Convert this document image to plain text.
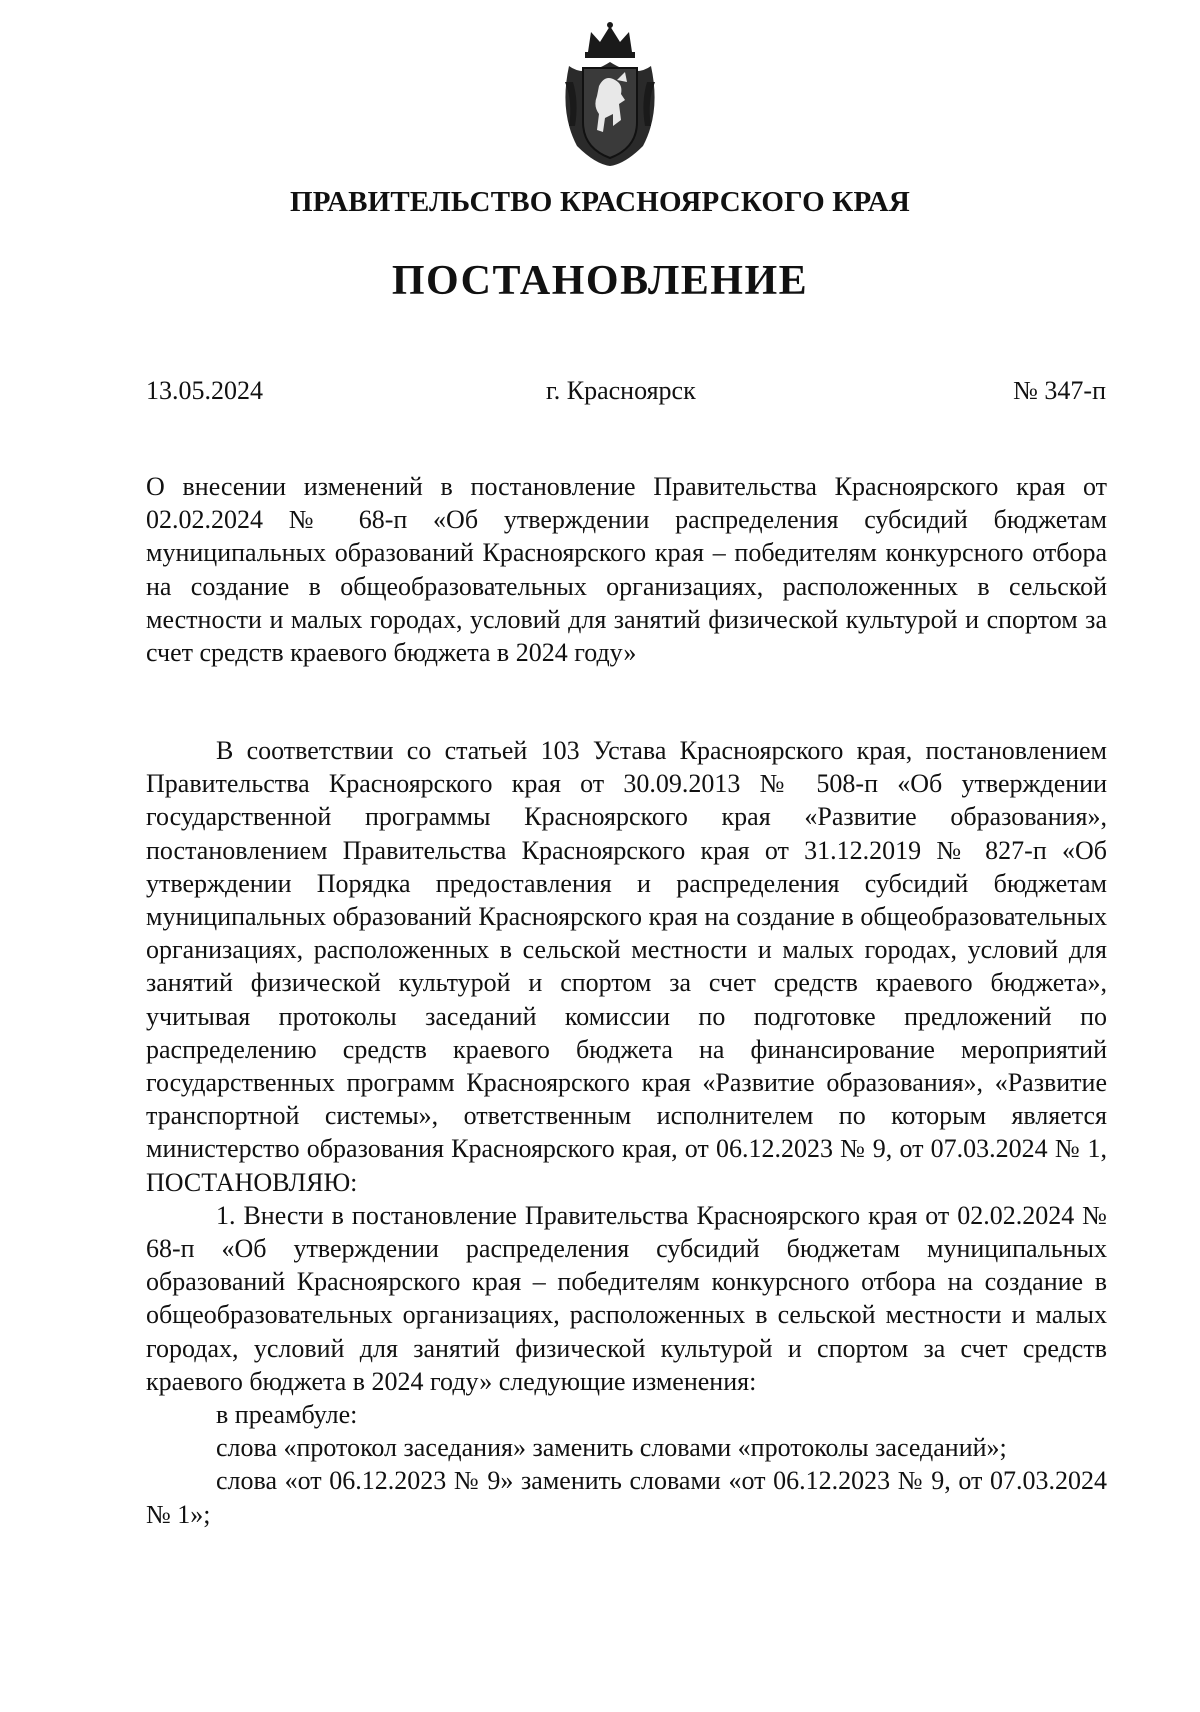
ПРАВИТЕЛЬСТВО КРАСНОЯРСКОГО КРАЯ

ПОСТАНОВЛЕНИЕ

13.05.2024	г. Красноярск	№ 347-п

О внесении изменений в постановление Правительства Красноярского края от 02.02.2024 № 68-п «Об утверждении распределения субсидий бюджетам муниципальных образований Красноярского края – победителям конкурсного отбора на создание в общеобразовательных организациях, расположенных в сельской местности и малых городах, условий для занятий физической культурой и спортом за счет средств краевого бюджета в 2024 году»

В соответствии со статьей 103 Устава Красноярского края, постановлением Правительства Красноярского края от 30.09.2013 № 508-п «Об утверждении государственной программы Красноярского края «Развитие образования», постановлением Правительства Красноярского края от 31.12.2019 № 827-п «Об утверждении Порядка предоставления и распределения субсидий бюджетам муниципальных образований Красноярского края на создание в общеобразовательных организациях, расположенных в сельской местности и малых городах, условий для занятий физической культурой и спортом за счет средств краевого бюджета», учитывая протоколы заседаний комиссии по подготовке предложений по распределению средств краевого бюджета на финансирование мероприятий государственных программ Красноярского края «Развитие образования», «Развитие транспортной системы», ответственным исполнителем по которым является министерство образования Красноярского края, от 06.12.2023 № 9, от 07.03.2024 № 1, ПОСТАНОВЛЯЮ:

1. Внести в постановление Правительства Красноярского края от 02.02.2024 № 68-п «Об утверждении распределения субсидий бюджетам муниципальных образований Красноярского края – победителям конкурсного отбора на создание в общеобразовательных организациях, расположенных в сельской местности и малых городах, условий для занятий физической культурой и спортом за счет средств краевого бюджета в 2024 году» следующие изменения:

в преамбуле:

слова «протокол заседания» заменить словами «протоколы заседаний»;

слова «от 06.12.2023 № 9» заменить словами «от 06.12.2023 № 9, от 07.03.2024 № 1»;
